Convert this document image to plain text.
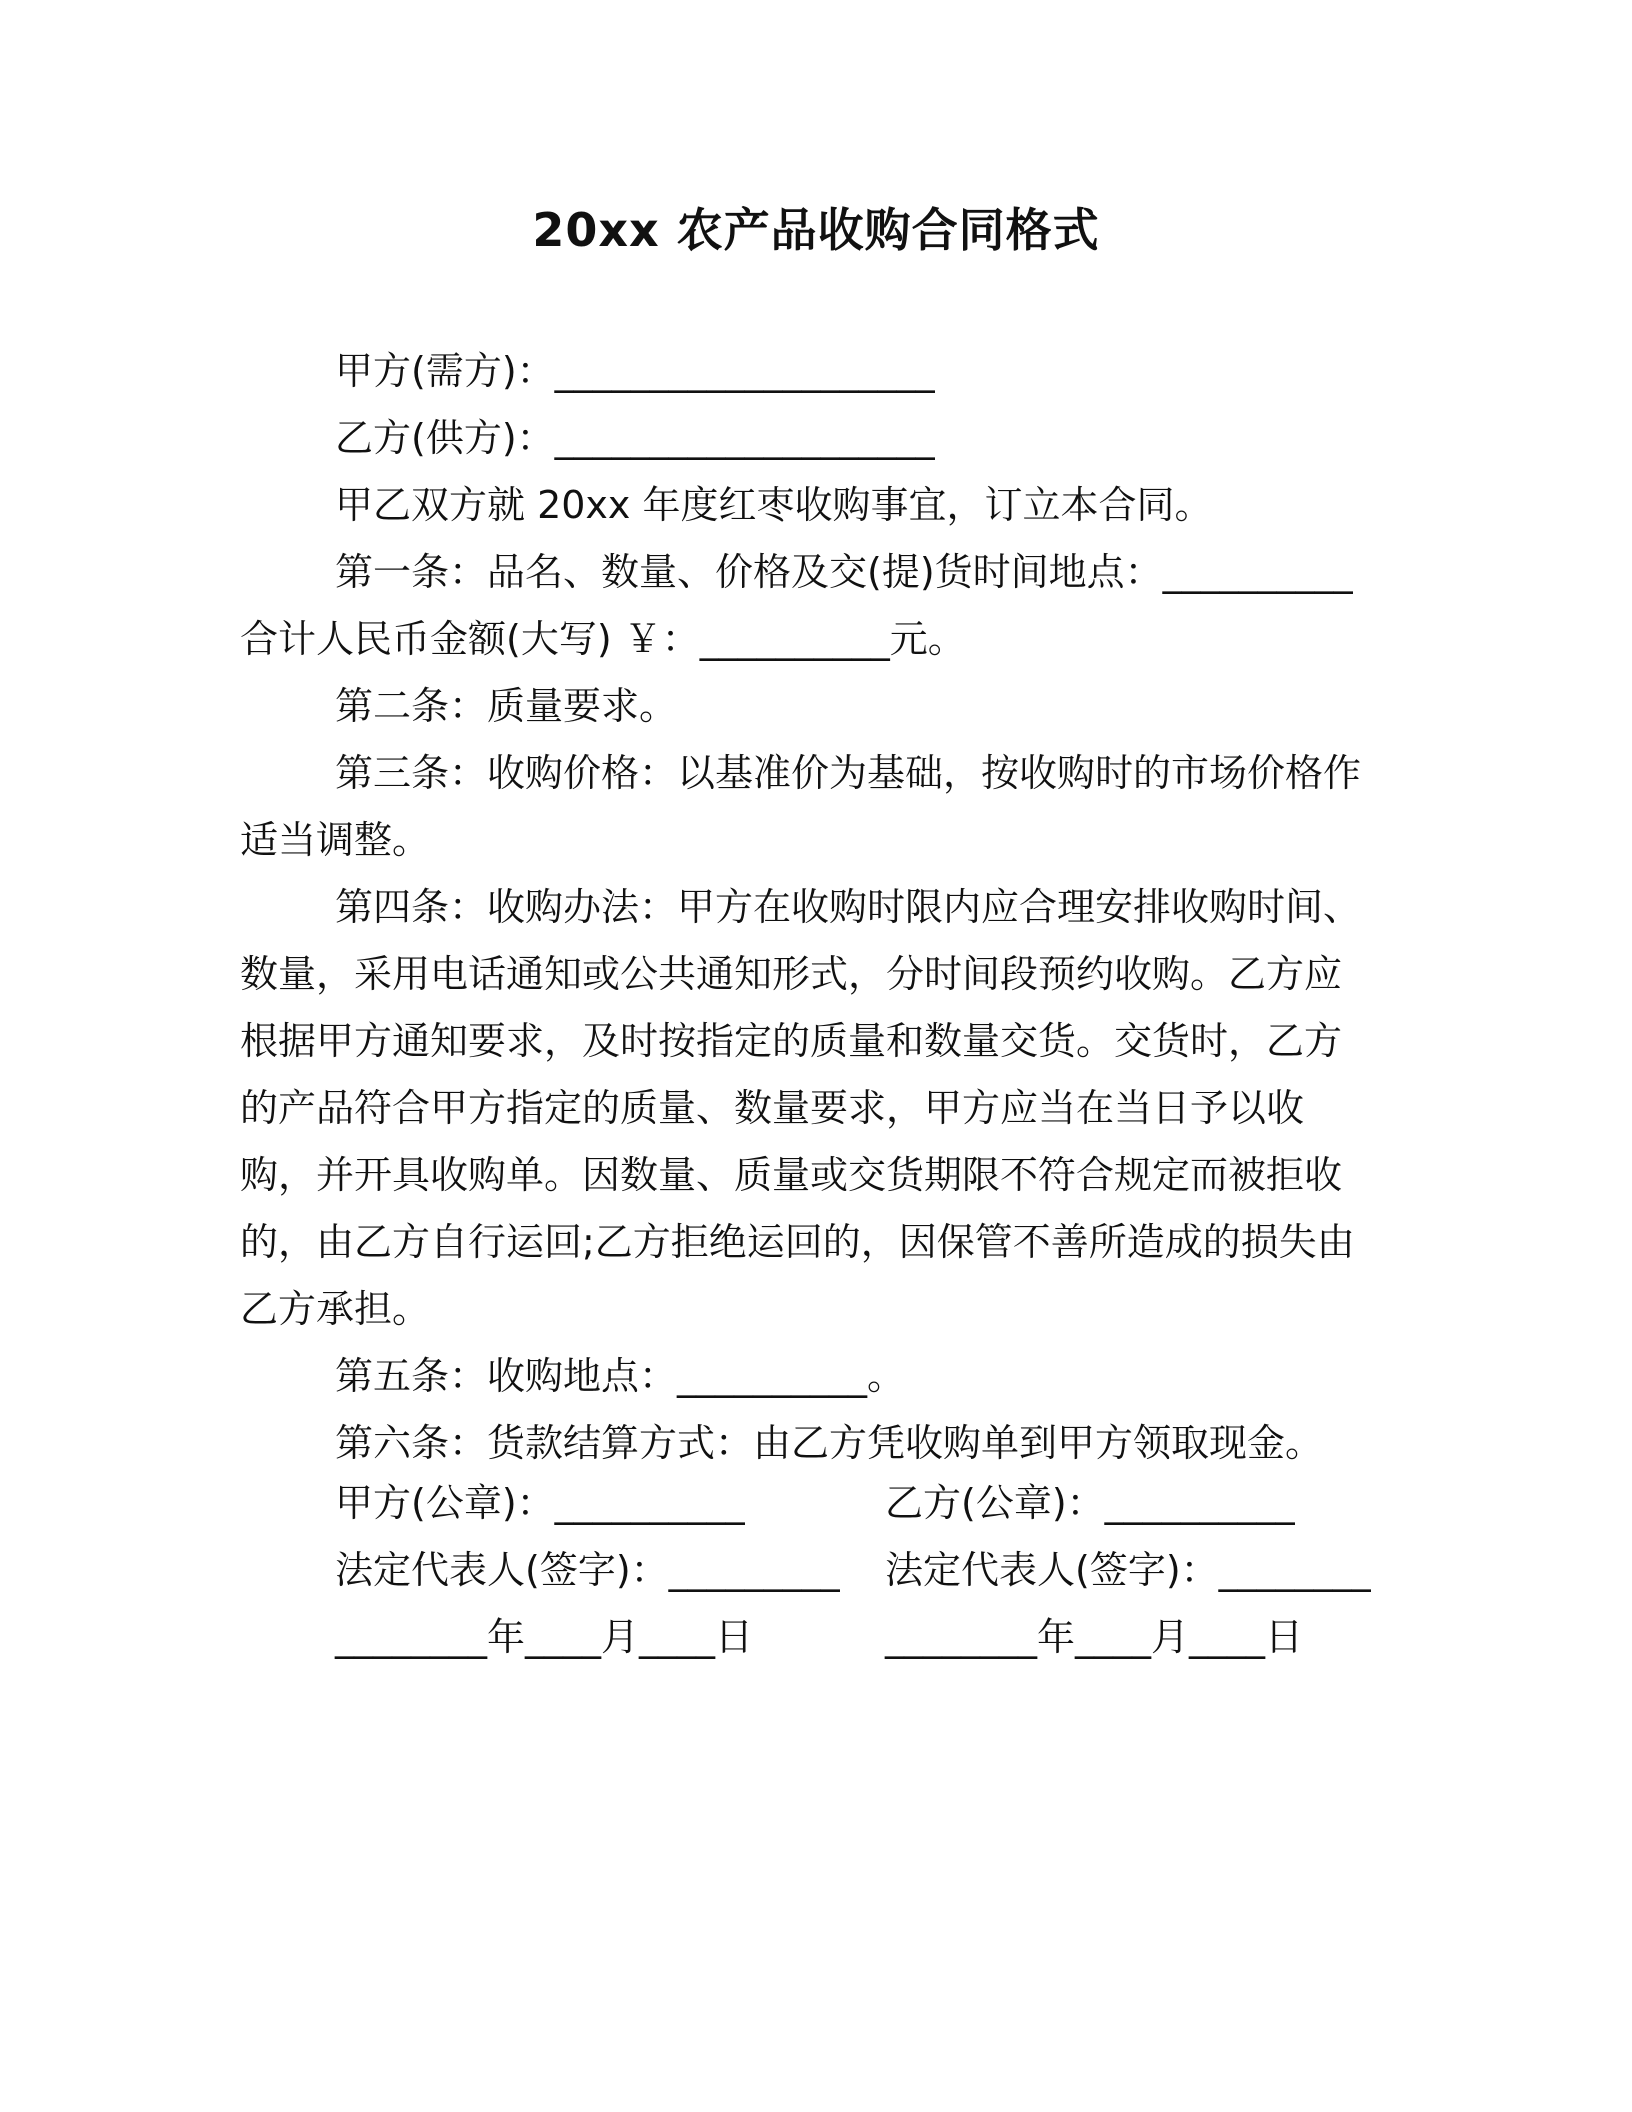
20xx 农产品收购合同格式

甲方(需方)：____________________

乙方(供方)：____________________

甲乙双方就 20xx 年度红枣收购事宜，订立本合同。

第一条：品名、数量、价格及交(提)货时间地点：__________合计人民币金额(大写) ￥：__________元。

第二条：质量要求。

第三条：收购价格：以基准价为基础，按收购时的市场价格作适当调整。

第四条：收购办法：甲方在收购时限内应合理安排收购时间、数量，采用电话通知或公共通知形式，分时间段预约收购。乙方应根据甲方通知要求，及时按指定的质量和数量交货。交货时，乙方的产品符合甲方指定的质量、数量要求，甲方应当在当日予以收购，并开具收购单。因数量、质量或交货期限不符合规定而被拒收的，由乙方自行运回;乙方拒绝运回的，因保管不善所造成的损失由乙方承担。

第五条：收购地点：__________。

第六条：货款结算方式：由乙方凭收购单到甲方领取现金。

甲方(公章)：__________	乙方(公章)：__________
法定代表人(签字)：_________	法定代表人(签字)：________
________年____月____日	________年____月____日
